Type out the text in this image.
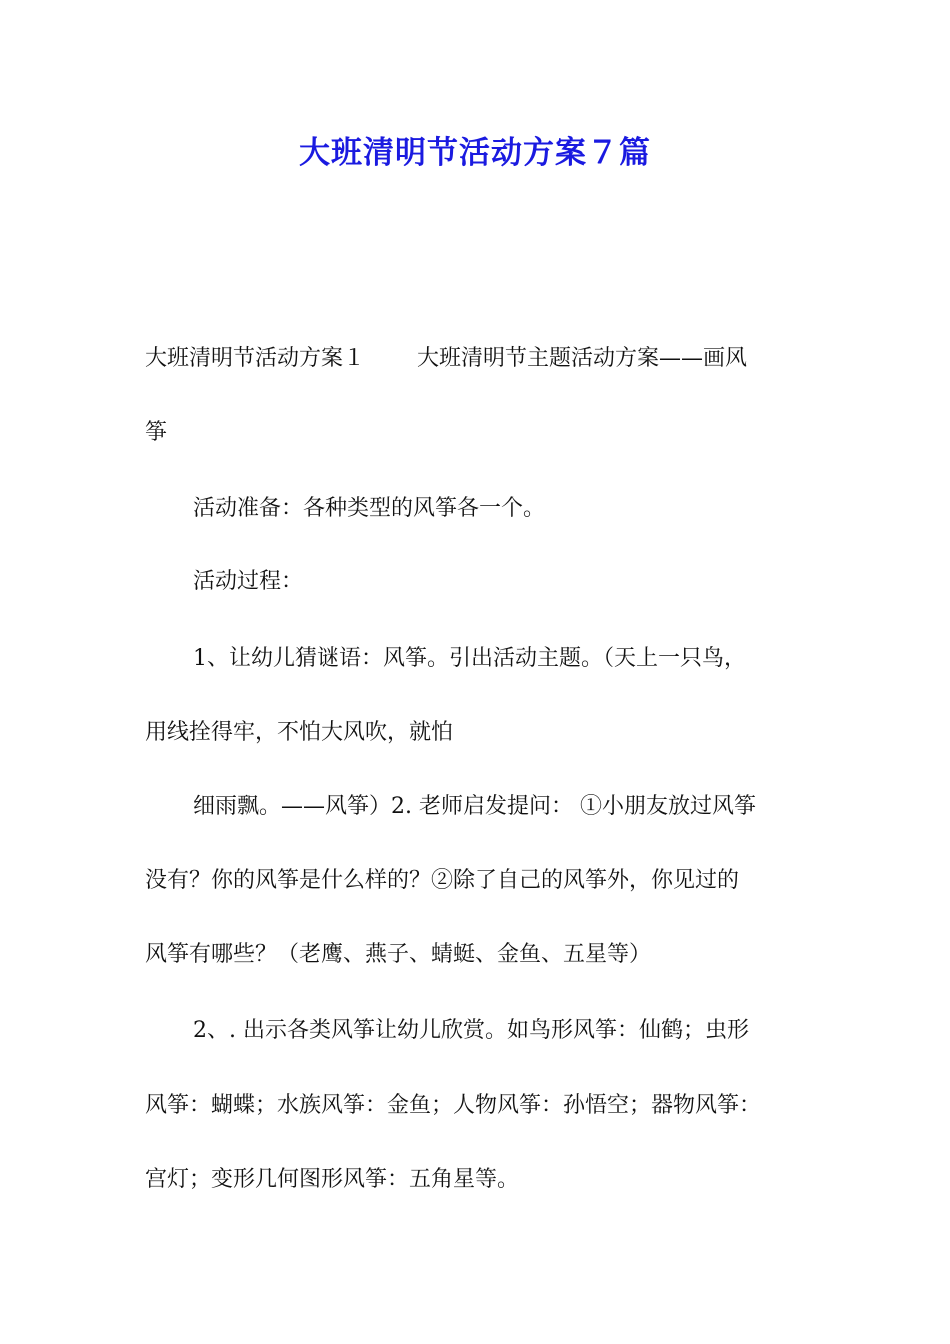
大班清明节活动方案７篇
大班清明节活动方案１ 大班清明节主题活动方案——画风
筝
活动准备：各种类型的风筝各一个。
活动过程：
1、让幼儿猜谜语：风筝。引出活动主题。（天上一只鸟，
用线拴得牢，不怕大风吹，就怕
细雨飘。——风筝）2. 老师启发提问： ①小朋友放过风筝
没有？你的风筝是什么样的？②除了自己的风筝外，你见过的
风筝有哪些？（老鹰、燕子、蜻蜓、金鱼、五星等）
2、. 出示各类风筝让幼儿欣赏。如鸟形风筝：仙鹤；虫形
风筝：蝴蝶；水族风筝：金鱼；人物风筝：孙悟空；器物风筝：
宫灯；变形几何图形风筝：五角星等。
